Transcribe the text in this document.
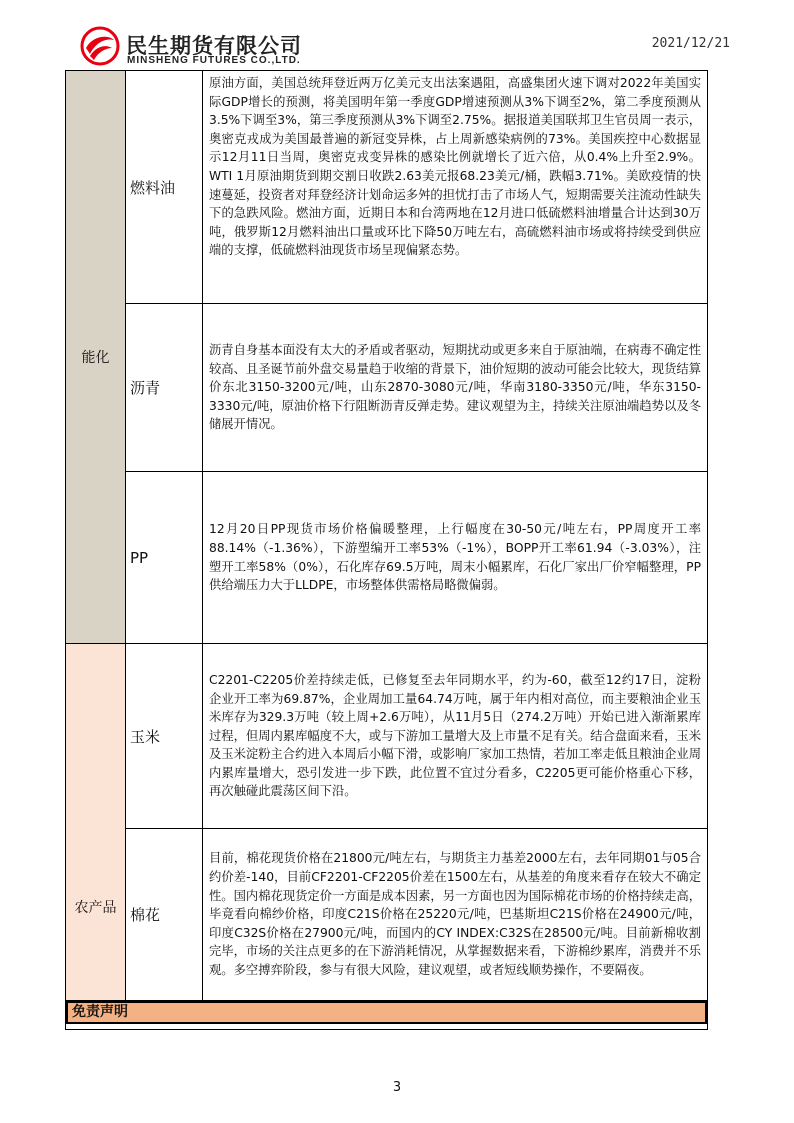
民生期货有限公司
MINSHENG FUTURES CO.,LTD.
2021/12/21
能化
燃料油
原油方面，美国总统拜登近两万亿美元支出法案遇阻，高盛集团火速下调对2022年美国实际GDP增长的预测，将美国明年第一季度GDP增速预测从3%下调至2%，第二季度预测从3.5%下调至3%，第三季度预测从3%下调至2.75%。据报道美国联邦卫生官员周一表示，奥密克戎成为美国最普遍的新冠变异株，占上周新感染病例的73%。美国疾控中心数据显示12月11日当周，奥密克戎变异株的感染比例就增长了近六倍，从0.4%上升至2.9%。WTI 1月原油期货到期交割日收跌2.63美元报68.23美元/桶，跌幅3.71%。美欧疫情的快速蔓延，投资者对拜登经济计划命运多舛的担忧打击了市场人气，短期需要关注流动性缺失下的急跌风险。燃油方面，近期日本和台湾两地在12月进口低硫燃料油增量合计达到30万吨，俄罗斯12月燃料油出口量或环比下降50万吨左右，高硫燃料油市场或将持续受到供应端的支撑，低硫燃料油现货市场呈现偏紧态势。
沥青
沥青自身基本面没有太大的矛盾或者驱动，短期扰动或更多来自于原油端，在病毒不确定性较高、且圣诞节前外盘交易量趋于收缩的背景下，油价短期的波动可能会比较大，现货结算价东北3150-3200元/吨，山东2870-3080元/吨，华南3180-3350元/吨，华东3150-3330元/吨，原油价格下行阻断沥青反弹走势。建议观望为主，持续关注原油端趋势以及冬储展开情况。
PP
12月20日PP现货市场价格偏暖整理，上行幅度在30-50元/吨左右，PP周度开工率88.14%（-1.36%），下游塑编开工率53%（-1%），BOPP开工率61.94（-3.03%），注塑开工率58%（0%），石化库存69.5万吨，周末小幅累库，石化厂家出厂价窄幅整理，PP供给端压力大于LLDPE，市场整体供需格局略微偏弱。
农产品
玉米
C2201-C2205价差持续走低，已修复至去年同期水平，约为-60，截至12约17日，淀粉企业开工率为69.87%，企业周加工量64.74万吨，属于年内相对高位，而主要粮油企业玉米库存为329.3万吨（较上周+2.6万吨），从11月5日（274.2万吨）开始已进入渐渐累库过程，但周内累库幅度不大，或与下游加工量增大及上市量不足有关。结合盘面来看，玉米及玉米淀粉主合约进入本周后小幅下滑，或影响厂家加工热情，若加工率走低且粮油企业周内累库量增大，恐引发进一步下跌，此位置不宜过分看多，C2205更可能价格重心下移，再次触碰此震荡区间下沿。
棉花
目前，棉花现货价格在21800元/吨左右，与期货主力基差2000左右，去年同期01与05合约价差-140，目前CF2201-CF2205价差在1500左右，从基差的角度来看存在较大不确定性。国内棉花现货定价一方面是成本因素，另一方面也因为国际棉花市场的价格持续走高，毕竟看向棉纱价格，印度C21S价格在25220元/吨，巴基斯坦C21S价格在24900元/吨，印度C32S价格在27900元/吨，而国内的CY INDEX:C32S在28500元/吨。目前新棉收割完毕，市场的关注点更多的在下游消耗情况，从掌握数据来看，下游棉纱累库，消费并不乐观。多空搏弈阶段，参与有很大风险，建议观望，或者短线顺势操作，不要隔夜。
免责声明
3
